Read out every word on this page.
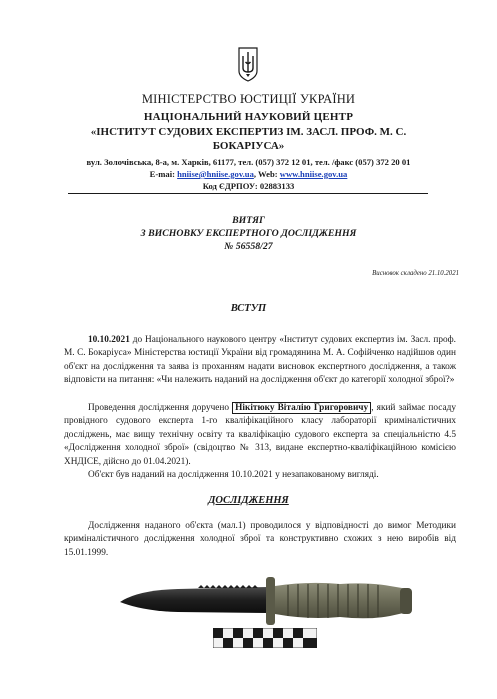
МІНІСТЕРСТВО ЮСТИЦІЇ УКРАЇНИ
НАЦІОНАЛЬНИЙ НАУКОВИЙ ЦЕНТР
«ІНСТИТУТ СУДОВИХ ЕКСПЕРТИЗ ІМ. ЗАСЛ. ПРОФ. М. С.
БОКАРІУСА»
вул. Золочівська, 8-а, м. Харків, 61177, тел. (057) 372 12 01, тел. /факс (057) 372 20 01
E-mai: hniise@hniise.gov.ua, Web: www.hniise.gov.ua
Код ЄДРПОУ: 02883133
ВИТЯГ
З ВИСНОВКУ ЕКСПЕРТНОГО ДОСЛІДЖЕННЯ
№ 56558/27
Висновок складено 21.10.2021
ВСТУП
10.10.2021 до Національного наукового центру «Інститут судових експертиз ім. Засл. проф. М. С. Бокаріуса» Міністерства юстиції України від громадянина М. А. Софійченко надійшов один об'єкт на дослідження та заява із проханням надати висновок експертного дослідження, а також відповісти на питання: «Чи належить наданий на дослідження об'єкт до категорії холодної зброї?»
Проведення дослідження доручено Нікітюку Віталію Григоровичу , який займає посаду провідного судового експерта 1-го кваліфікаційного класу лабораторії криміналістичних досліджень, має вищу технічну освіту та кваліфікацію судового експерта за спеціальністю 4.5 «Дослідження холодної зброї» (свідоцтво № 313, видане експертно-кваліфікаційною комісією ХНДІСЕ, дійсно до 01.04.2021).
Об'єкт був наданий на дослідження 10.10.2021 у незапакованому вигляді.
ДОСЛІДЖЕННЯ
Дослідження наданого об'єкта (мал.1) проводилося у відповідності до вимог Методики криміналістичного дослідження холодної зброї та конструктивно схожих з нею виробів від 15.01.1999.
